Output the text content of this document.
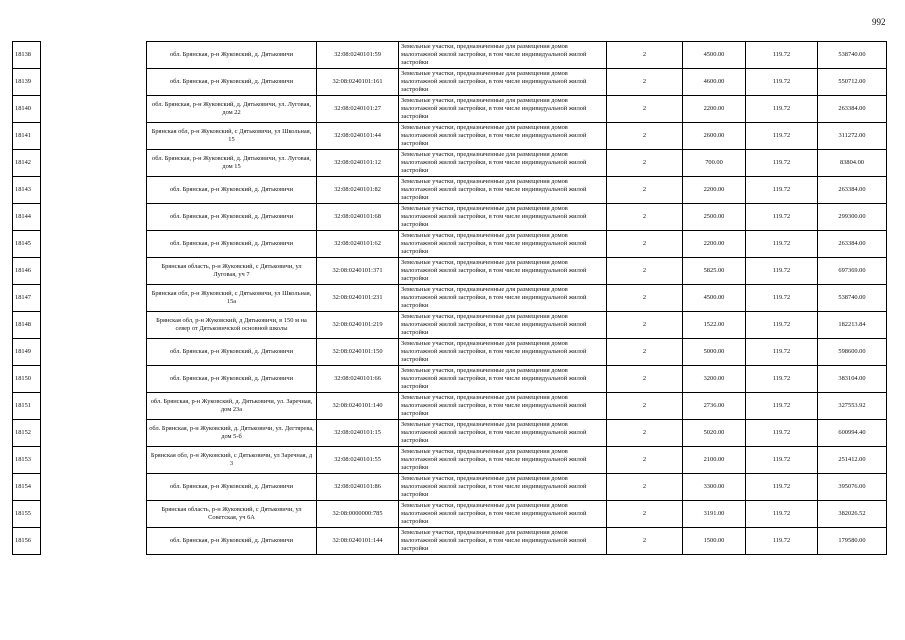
992
18138		обл. Брянская, р-н Жуковский, д. Дятьковичи	32:08:0240101:59	Земельные участки, предназначенные для размещения домов малоэтажной жилой застройки, в том числе индивидуальной жилой застройки	2	4500.00	119.72	538740.00
18139		обл. Брянская, р-н Жуковский, д. Дятьковичи	32:08:0240101:161	Земельные участки, предназначенные для размещения домов малоэтажной жилой застройки, в том числе индивидуальной жилой застройки	2	4600.00	119.72	550712.00
18140		обл. Брянская, р-н Жуковский, д. Дятьковичи, ул. Луговая, дом 22	32:08:0240101:27	Земельные участки, предназначенные для размещения домов малоэтажной жилой застройки, в том числе индивидуальной жилой застройки	2	2200.00	119.72	263384.00
18141		Брянская обл, р-н Жуковский, с Дятьковичи, ул Школьная, 15	32:08:0240101:44	Земельные участки, предназначенные для размещения домов малоэтажной жилой застройки, в том числе индивидуальной жилой застройки	2	2600.00	119.72	311272.00
18142		обл. Брянская, р-н Жуковский, д. Дятьковичи, ул. Луговая, дом 15	32:08:0240101:12	Земельные участки, предназначенные для размещения домов малоэтажной жилой застройки, в том числе индивидуальной жилой застройки	2	700.00	119.72	83804.00
18143		обл. Брянская, р-н Жуковский, д. Дятьковичи	32:08:0240101:82	Земельные участки, предназначенные для размещения домов малоэтажной жилой застройки, в том числе индивидуальной жилой застройки	2	2200.00	119.72	263384.00
18144		обл. Брянская, р-н Жуковский, д. Дятьковичи	32:08:0240101:68	Земельные участки, предназначенные для размещения домов малоэтажной жилой застройки, в том числе индивидуальной жилой застройки	2	2500.00	119.72	299300.00
18145		обл. Брянская, р-н Жуковский, д. Дятьковичи	32:08:0240101:62	Земельные участки, предназначенные для размещения домов малоэтажной жилой застройки, в том числе индивидуальной жилой застройки	2	2200.00	119.72	263384.00
18146		Брянская область, р-н Жуковский, с Дятьковичи, ул Луговая, уч 7	32:08:0240101:371	Земельные участки, предназначенные для размещения домов малоэтажной жилой застройки, в том числе индивидуальной жилой застройки	2	5825.00	119.72	697369.00
18147		Брянская обл, р-н Жуковский, с Дятьковичи, ул Школьная, 15а	32:08:0240101:231	Земельные участки, предназначенные для размещения домов малоэтажной жилой застройки, в том числе индивидуальной жилой застройки	2	4500.00	119.72	538740.00
18148		Брянская обл, р-н Жуковский, д Дятьковичи, в 150 м на север от Дятьковичской основной школы	32:08:0240101:219	Земельные участки, предназначенные для размещения домов малоэтажной жилой застройки, в том числе индивидуальной жилой застройки	2	1522.00	119.72	182213.84
18149		обл. Брянская, р-н Жуковский, д. Дятьковичи	32:08:0240101:150	Земельные участки, предназначенные для размещения домов малоэтажной жилой застройки, в том числе индивидуальной жилой застройки	2	5000.00	119.72	598600.00
18150		обл. Брянская, р-н Жуковский, д. Дятьковичи	32:08:0240101:66	Земельные участки, предназначенные для размещения домов малоэтажной жилой застройки, в том числе индивидуальной жилой застройки	2	3200.00	119.72	383104.00
18151		обл. Брянская, р-н Жуковский, д. Дятьковичи, ул. Заречная, дом 23а	32:08:0240101:140	Земельные участки, предназначенные для размещения домов малоэтажной жилой застройки, в том числе индивидуальной жилой застройки	2	2736.00	119.72	327553.92
18152		обл. Брянская, р-н Жуковский, д. Дятьковичи, ул. Дегтярева, дом 5-б	32:08:0240101:15	Земельные участки, предназначенные для размещения домов малоэтажной жилой застройки, в том числе индивидуальной жилой застройки	2	5020.00	119.72	600994.40
18153		Брянская обл, р-н Жуковский, с Дятьковичи, ул Заречная, д 3	32:08:0240101:55	Земельные участки, предназначенные для размещения домов малоэтажной жилой застройки, в том числе индивидуальной жилой застройки	2	2100.00	119.72	251412.00
18154		обл. Брянская, р-н Жуковский, д. Дятьковичи	32:08:0240101:86	Земельные участки, предназначенные для размещения домов малоэтажной жилой застройки, в том числе индивидуальной жилой застройки	2	3300.00	119.72	395076.00
18155		Брянская область, р-н Жуковский, с Дятьковичи, ул Советская, уч 6А	32:08:0000000:785	Земельные участки, предназначенные для размещения домов малоэтажной жилой застройки, в том числе индивидуальной жилой застройки	2	3191.00	119.72	382026.52
18156		обл. Брянская, р-н Жуковский, д. Дятьковичи	32:08:0240101:144	Земельные участки, предназначенные для размещения домов малоэтажной жилой застройки, в том числе индивидуальной жилой застройки	2	1500.00	119.72	179580.00
